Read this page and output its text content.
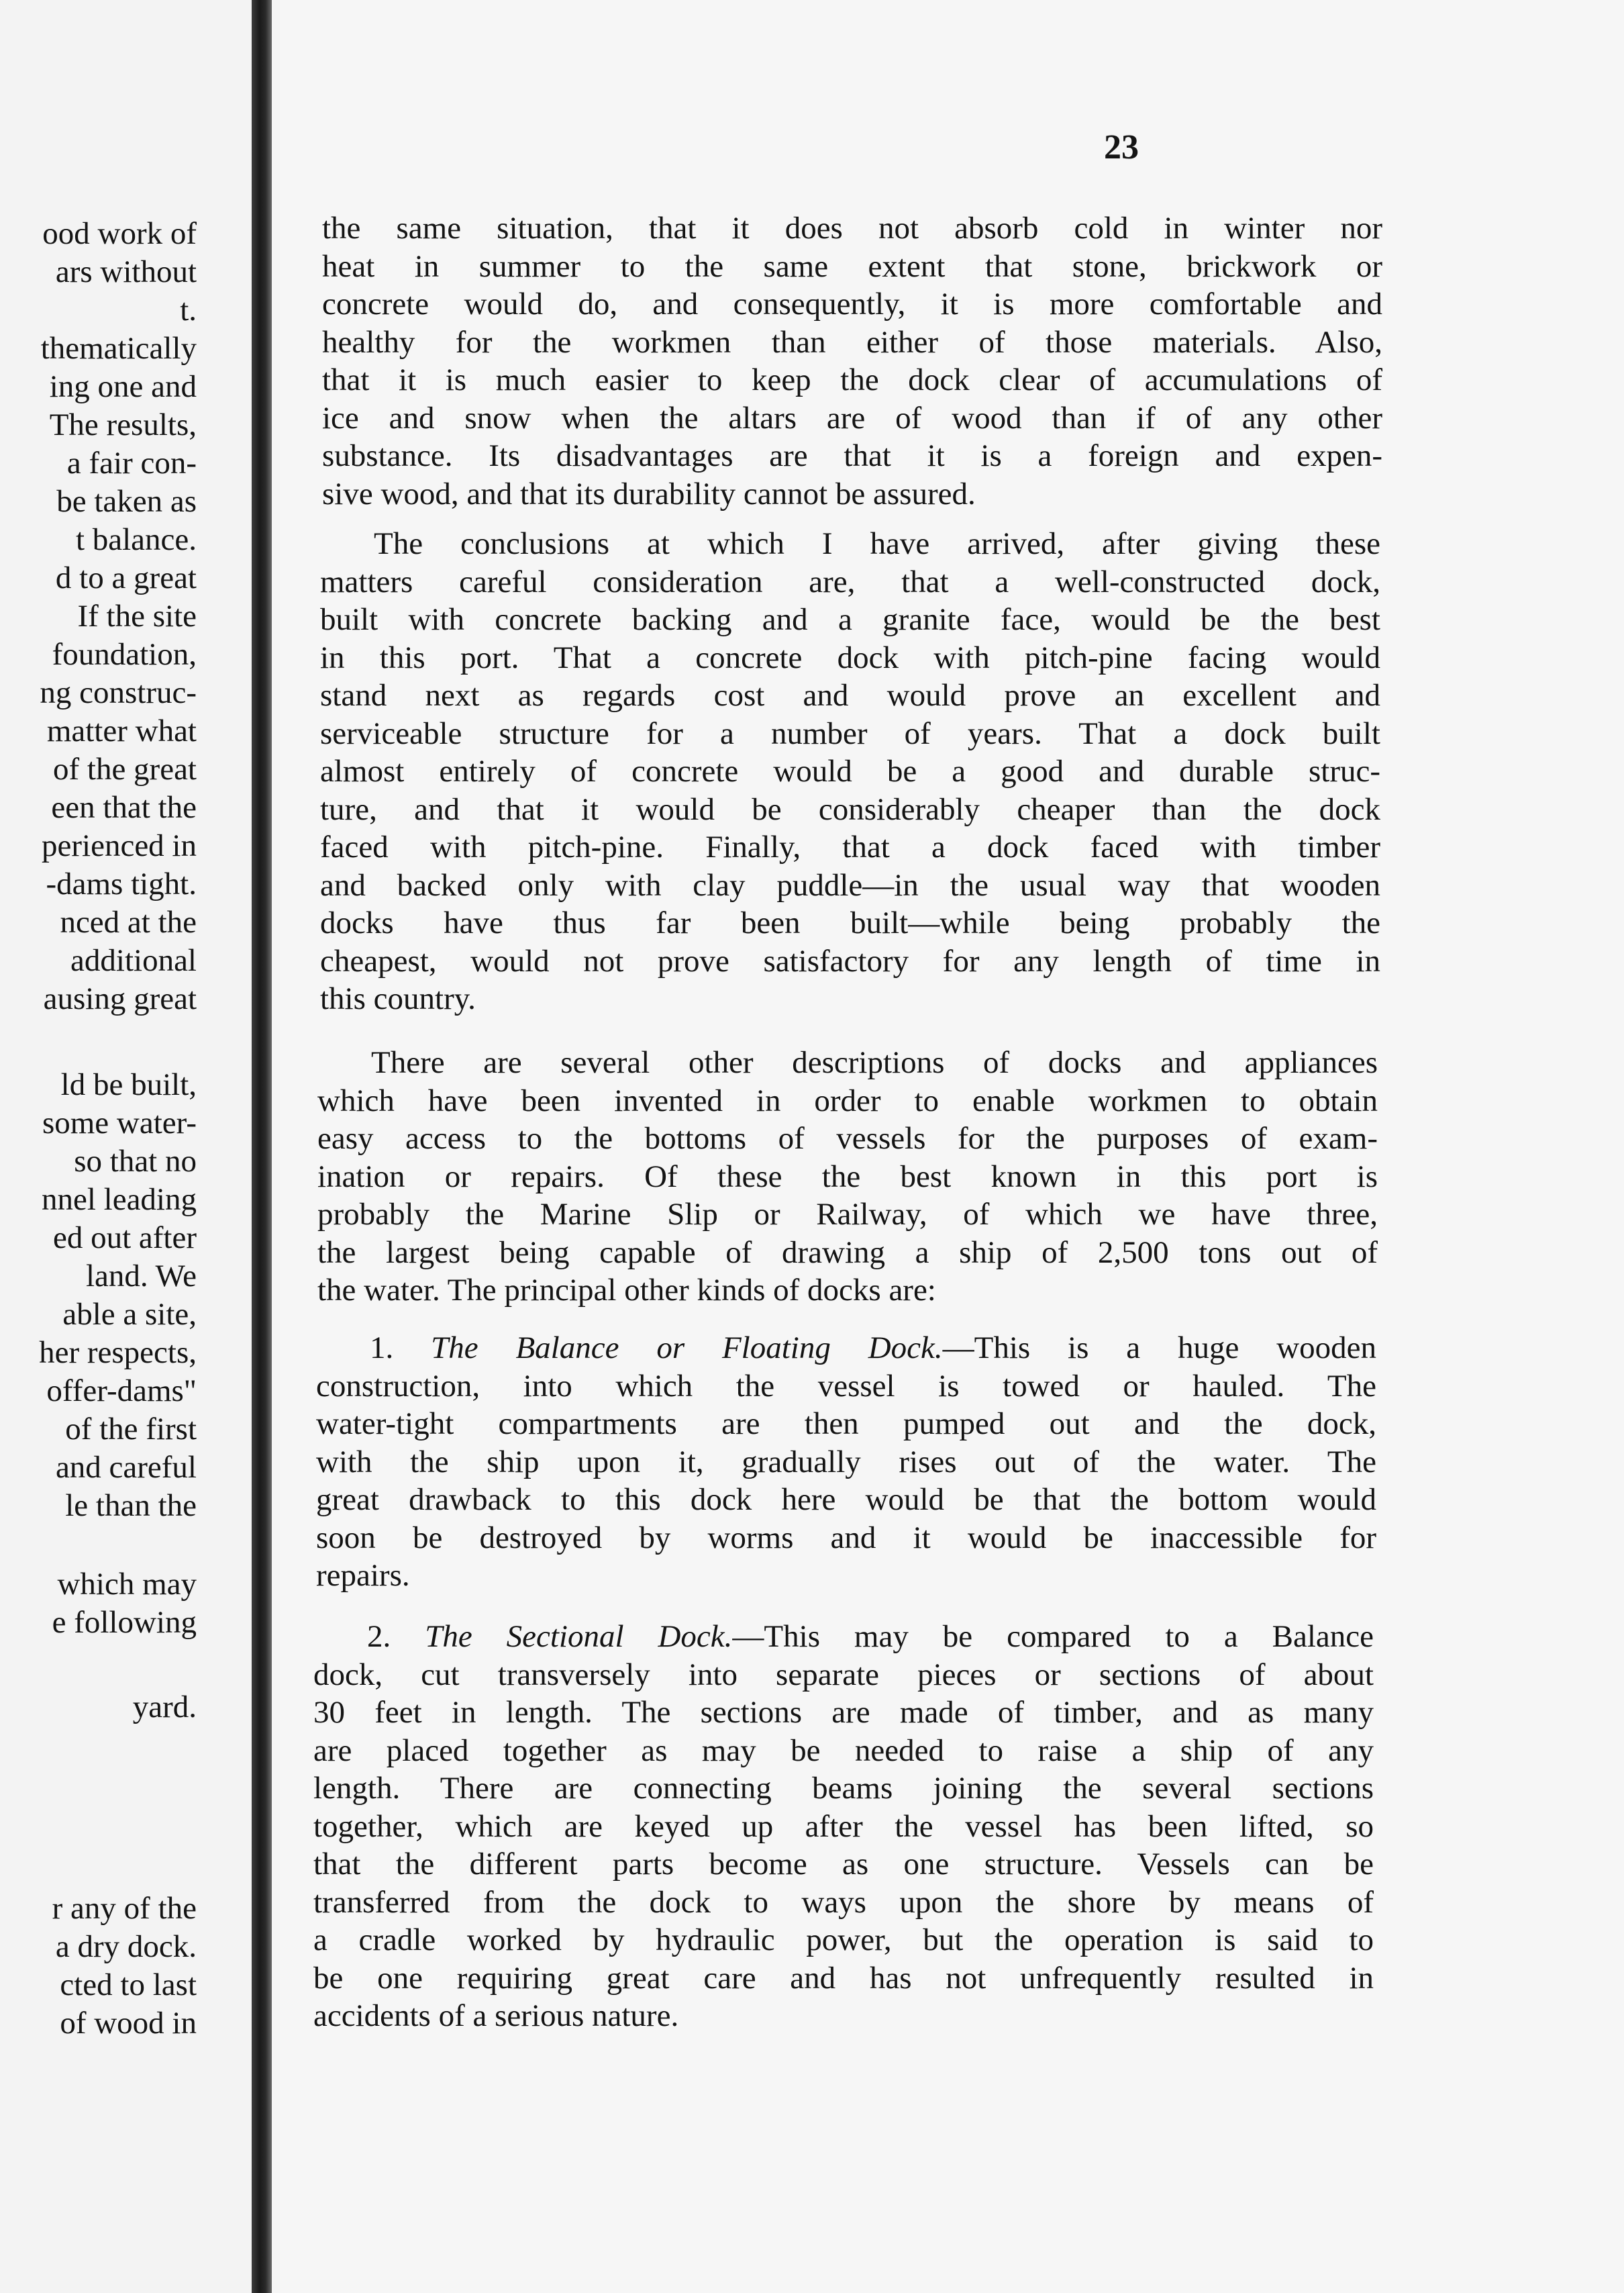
ood work of
ars without
t.
thematically
ing one and
The results,
a fair con-
be taken as
t balance.
d to a great
If the site
foundation,
ng construc-
matter what
of the great
een that the
perienced in
-dams tight.
nced at the
additional
ausing great
ld be built,
some water-
so that no
nnel leading
ed out after
land. We
able a site,
her respects,
offer-dams"
of the first
and careful
le than the
which may
e following
yard.
r any of the
a dry dock.
cted to last
of wood in
23
the same situation, that it does not absorb cold in winter nor
heat in summer to the same extent that stone, brickwork or
concrete would do, and consequently, it is more comfortable and
healthy for the workmen than either of those materials. Also,
that it is much easier to keep the dock clear of accumulations of
ice and snow when the altars are of wood than if of any other
substance. Its disadvantages are that it is a foreign and expen-
sive wood, and that its durability cannot be assured.
The conclusions at which I have arrived, after giving these
matters careful consideration are, that a well-constructed dock,
built with concrete backing and a granite face, would be the best
in this port. That a concrete dock with pitch-pine facing would
stand next as regards cost and would prove an excellent and
serviceable structure for a number of years. That a dock built
almost entirely of concrete would be a good and durable struc-
ture, and that it would be considerably cheaper than the dock
faced with pitch-pine. Finally, that a dock faced with timber
and backed only with clay puddle—in the usual way that wooden
docks have thus far been built—while being probably the
cheapest, would not prove satisfactory for any length of time in
this country.
There are several other descriptions of docks and appliances
which have been invented in order to enable workmen to obtain
easy access to the bottoms of vessels for the purposes of exam-
ination or repairs. Of these the best known in this port is
probably the Marine Slip or Railway, of which we have three,
the largest being capable of drawing a ship of 2,500 tons out of
the water. The principal other kinds of docks are:
1. The Balance or Floating Dock.—This is a huge wooden
construction, into which the vessel is towed or hauled. The
water-tight compartments are then pumped out and the dock,
with the ship upon it, gradually rises out of the water. The
great drawback to this dock here would be that the bottom would
soon be destroyed by worms and it would be inaccessible for
repairs.
2. The Sectional Dock.—This may be compared to a Balance
dock, cut transversely into separate pieces or sections of about
30 feet in length. The sections are made of timber, and as many
are placed together as may be needed to raise a ship of any
length. There are connecting beams joining the several sections
together, which are keyed up after the vessel has been lifted, so
that the different parts become as one structure. Vessels can be
transferred from the dock to ways upon the shore by means of
a cradle worked by hydraulic power, but the operation is said to
be one requiring great care and has not unfrequently resulted in
accidents of a serious nature.
